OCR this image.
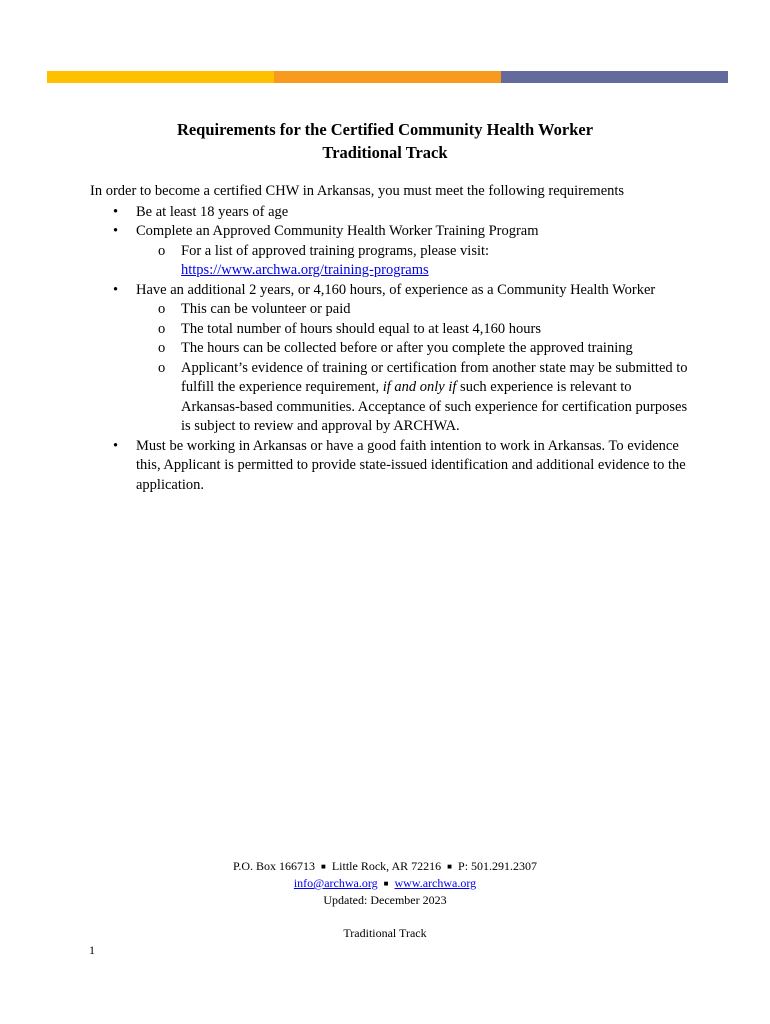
Requirements for the Certified Community Health Worker
Traditional Track

In order to become a certified CHW in Arkansas, you must meet the following requirements

• Be at least 18 years of age
• Complete an Approved Community Health Worker Training Program
o For a list of approved training programs, please visit:
https://www.archwa.org/training-programs
• Have an additional 2 years, or 4,160 hours, of experience as a Community Health Worker
o This can be volunteer or paid
o The total number of hours should equal to at least 4,160 hours
o The hours can be collected before or after you complete the approved training
o Applicant’s evidence of training or certification from another state may be submitted to fulfill the experience requirement, if and only if such experience is relevant to Arkansas-based communities. Acceptance of such experience for certification purposes is subject to review and approval by ARCHWA.
• Must be working in Arkansas or have a good faith intention to work in Arkansas. To evidence this, Applicant is permitted to provide state-issued identification and additional evidence to the application.
P.O. Box 166713 ■ Little Rock, AR 72216 ■ P: 501.291.2307
info@archwa.org ■ www.archwa.org
Updated: December 2023
Traditional Track
1
